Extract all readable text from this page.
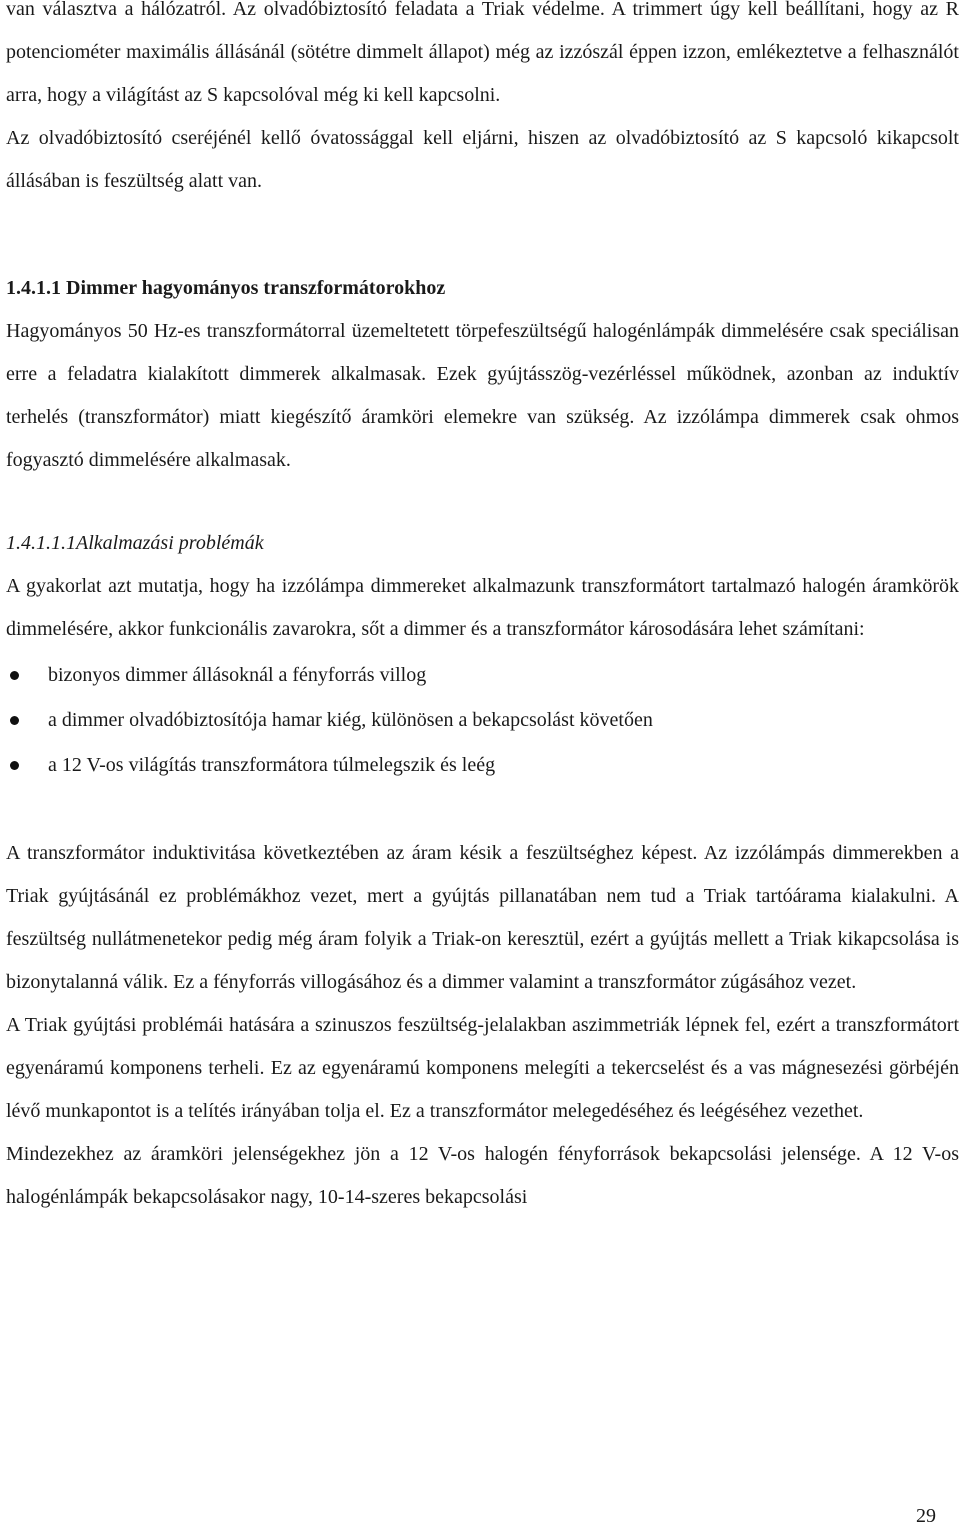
van választva a hálózatról. Az olvadóbiztosító feladata a Triak védelme. A trimmert úgy kell beállítani, hogy az R potenciométer maximális állásánál (sötétre dimmelt állapot) még az izzószál éppen izzon, emlékeztetve a felhasználót arra, hogy a világítást az S kapcsolóval még ki kell kapcsolni.

Az olvadóbiztosító cseréjénél kellő óvatossággal kell eljárni, hiszen az olvadóbiztosító az S kapcsoló kikapcsolt állásában is feszültség alatt van.

1.4.1.1 Dimmer hagyományos transzformátorokhoz

Hagyományos 50 Hz-es transzformátorral üzemeltetett törpefeszültségű halogénlámpák dimmelésére csak speciálisan erre a feladatra kialakított dimmerek alkalmasak. Ezek gyújtásszög-vezérléssel működnek, azonban az induktív terhelés (transzformátor) miatt kiegészítő áramköri elemekre van szükség. Az izzólámpa dimmerek csak ohmos fogyasztó dimmelésére alkalmasak.

1.4.1.1.1Alkalmazási problémák

A gyakorlat azt mutatja, hogy ha izzólámpa dimmereket alkalmazunk transzformátort tartalmazó halogén áramkörök dimmelésére, akkor funkcionális zavarokra, sőt a dimmer és a transzformátor károsodására lehet számítani:

bizonyos dimmer állásoknál a fényforrás villog
a dimmer olvadóbiztosítója hamar kiég, különösen a bekapcsolást követően
a 12 V-os világítás transzformátora túlmelegszik és leég

A transzformátor induktivitása következtében az áram késik a feszültséghez képest. Az izzólámpás dimmerekben a Triak gyújtásánál ez problémákhoz vezet, mert a gyújtás pillanatában nem tud a Triak tartóárama kialakulni. A feszültség nullátmenetekor pedig még áram folyik a Triak-on keresztül, ezért a gyújtás mellett a Triak kikapcsolása is bizonytalanná válik. Ez a fényforrás villogásához és a dimmer valamint a transzformátor zúgásához vezet.

A Triak gyújtási problémái hatására a szinuszos feszültség-jelalakban aszimmetriák lépnek fel, ezért a transzformátort egyenáramú komponens terheli. Ez az egyenáramú komponens melegíti a tekercselést és a vas mágnesezési görbéjén lévő munkapontot is a telítés irányában tolja el. Ez a transzformátor melegedéséhez és leégéséhez vezethet.

Mindezekhez az áramköri jelenségekhez jön a 12 V-os halogén fényforrások bekapcsolási jelensége. A 12 V-os halogénlámpák bekapcsolásakor nagy, 10-14-szeres bekapcsolási

29
